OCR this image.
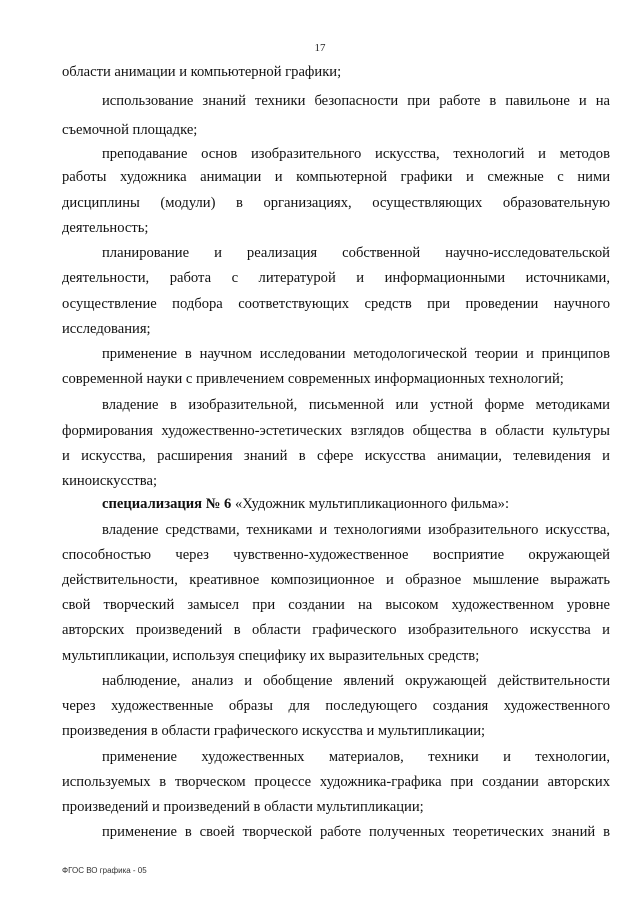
17
области анимации и компьютерной графики;
использование знаний техники безопасности при работе в павильоне и на
съемочной площадке;
преподавание основ изобразительного искусства, технологий и методов
работы художника анимации и компьютерной графики и смежные с ними
дисциплины (модули) в организациях, осуществляющих образовательную
деятельность;
планирование и реализация собственной научно-исследовательской
деятельности, работа с литературой и информационными источниками,
осуществление подбора соответствующих средств при проведении научного
исследования;
применение в научном исследовании методологической теории и принципов
современной науки с привлечением современных информационных технологий;
владение в изобразительной, письменной или устной форме методиками
формирования художественно-эстетических взглядов общества в области культуры
и искусства, расширения знаний в сфере искусства анимации, телевидения и
киноискусства;
специализация № 6 «Художник мультипликационного фильма»:
владение средствами, техниками и технологиями изобразительного искусства,
способностью через чувственно-художественное восприятие окружающей
действительности, креативное композиционное и образное мышление выражать
свой творческий замысел при создании на высоком художественном уровне
авторских произведений в области графического изобразительного искусства и
мультипликации, используя специфику их выразительных средств;
наблюдение, анализ и обобщение явлений окружающей действительности
через художественные образы для последующего создания художественного
произведения в области графического искусства и мультипликации;
применение художественных материалов, техники и технологии,
используемых в творческом процессе художника-графика при создании авторских
произведений и произведений в области мультипликации;
применение в своей творческой работе полученных теоретических знаний в
ФГОС ВО графика - 05
